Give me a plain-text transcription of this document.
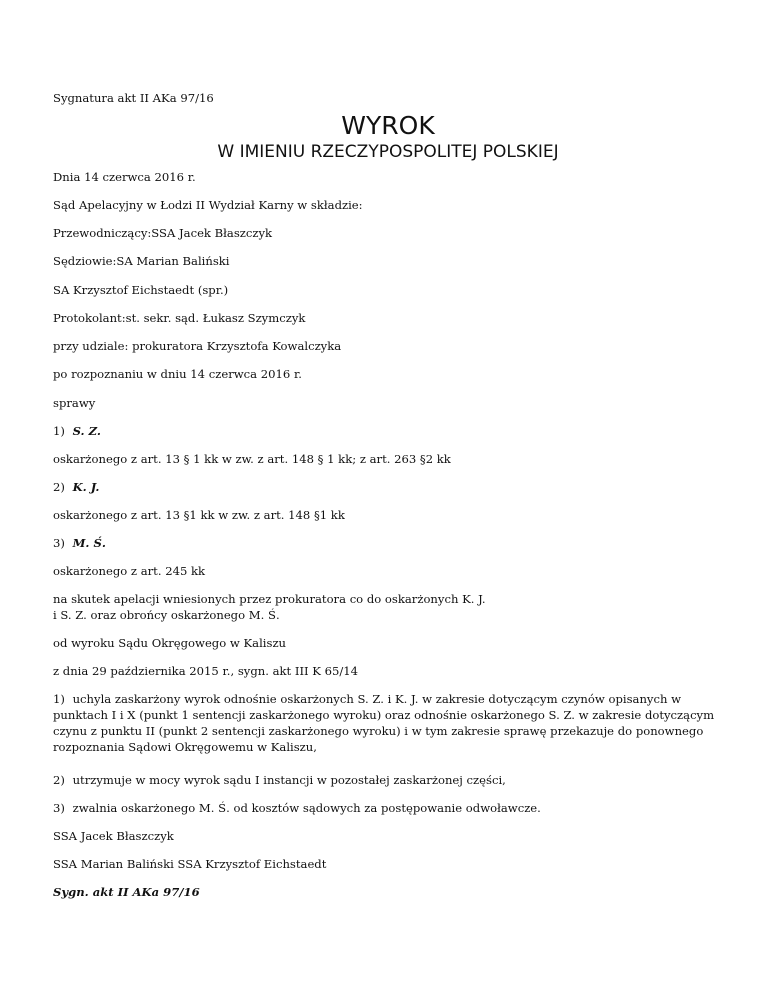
Sygnatura akt II AKa 97/16

WYROK
W IMIENIU RZECZYPOSPOLITEJ POLSKIEJ

Dnia 14 czerwca 2016 r.

Sąd Apelacyjny w Łodzi II Wydział Karny w składzie:

Przewodniczący:SSA Jacek Błaszczyk

Sędziowie:SA Marian Baliński

SA Krzysztof Eichstaedt (spr.)

Protokolant:st. sekr. sąd. Łukasz Szymczyk

przy udziale: prokuratora Krzysztofa Kowalczyka

po rozpoznaniu w dniu 14 czerwca 2016 r.

sprawy

1) S. Z.

oskarżonego z art. 13 § 1 kk w zw. z art. 148 § 1 kk; z art. 263 §2 kk

2) K. J.

oskarżonego z art. 13 §1 kk w zw. z art. 148 §1 kk

3) M. Ś.

oskarżonego z art. 245 kk

na skutek apelacji wniesionych przez prokuratora co do oskarżonych K. J.

i S. Z. oraz obrońcy oskarżonego M. Ś.

od wyroku Sądu Okręgowego w Kaliszu

z dnia 29 października 2015 r., sygn. akt III K 65/14

1) uchyla zaskarżony wyrok odnośnie oskarżonych S. Z. i K. J. w zakresie dotyczącym czynów opisanych w punktach I i X (punkt 1 sentencji zaskarżonego wyroku) oraz odnośnie oskarżonego S. Z. w zakresie dotyczącym czynu z punktu II (punkt 2 sentencji zaskarżonego wyroku) i w tym zakresie sprawę przekazuje do ponownego rozpoznania Sądowi Okręgowemu w Kaliszu,

2) utrzymuje w mocy wyrok sądu I instancji w pozostałej zaskarżonej części,

3) zwalnia oskarżonego M. Ś. od kosztów sądowych za postępowanie odwoławcze.

SSA Jacek Błaszczyk

SSA Marian Baliński SSA Krzysztof Eichstaedt

Sygn. akt II AKa 97/16
